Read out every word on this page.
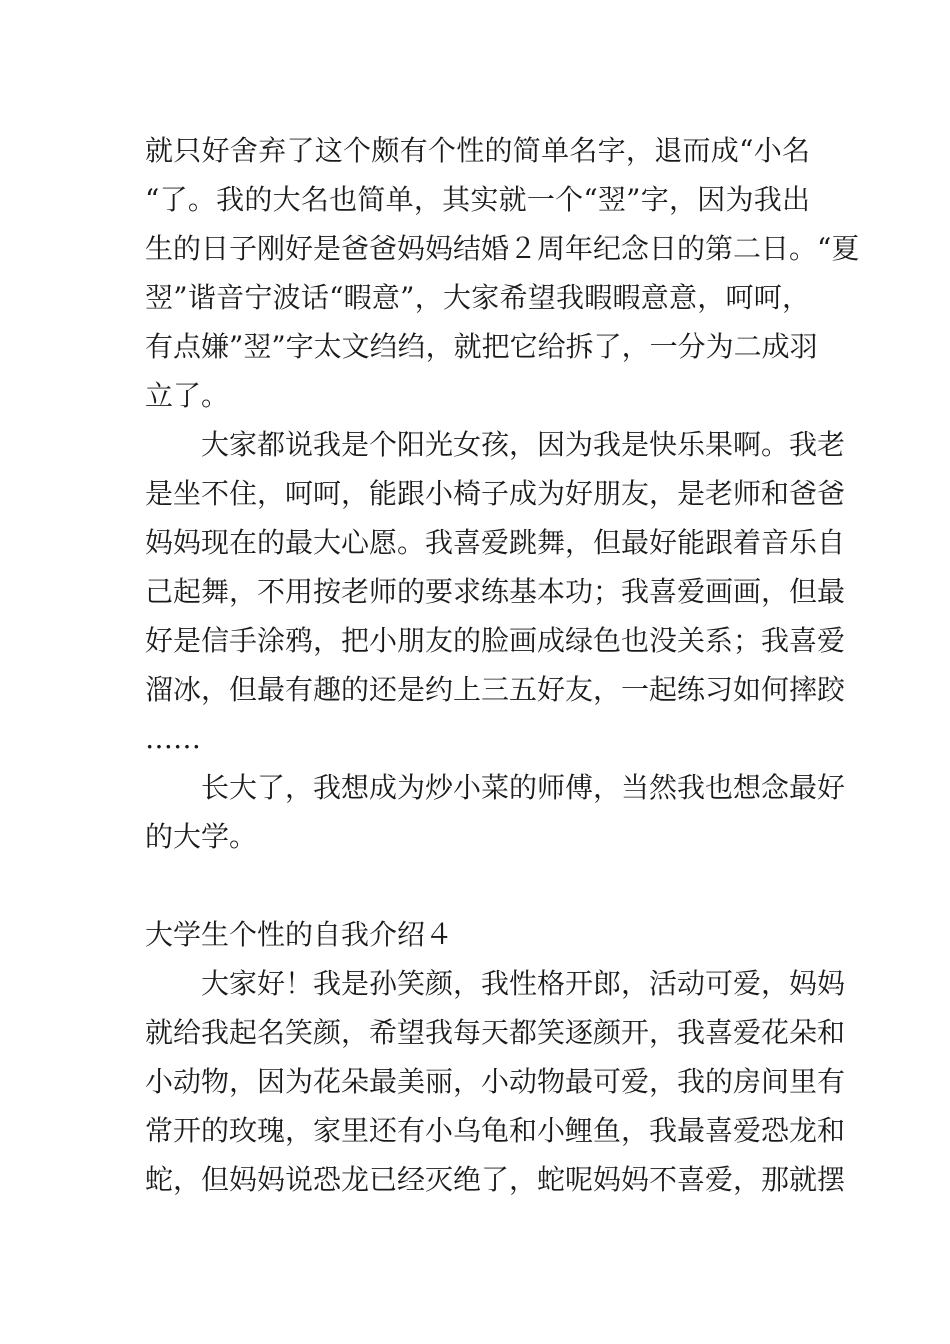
就只好舍弃了这个颇有个性的简单名字，退而成“小名
“了。我的大名也简单，其实就一个“翌”字，因为我出
生的日子刚好是爸爸妈妈结婚２周年纪念日的第二日。“夏
翌”谐音宁波话“暇意”，大家希望我暇暇意意，呵呵，
有点嫌”翌”字太文绉绉，就把它给拆了，一分为二成羽
立了。
大家都说我是个阳光女孩，因为我是快乐果啊。我老
是坐不住，呵呵，能跟小椅子成为好朋友，是老师和爸爸
妈妈现在的最大心愿。我喜爱跳舞，但最好能跟着音乐自
己起舞，不用按老师的要求练基本功；我喜爱画画，但最
好是信手涂鸦，把小朋友的脸画成绿色也没关系；我喜爱
溜冰，但最有趣的还是约上三五好友，一起练习如何摔跤
……
长大了，我想成为炒小菜的师傅，当然我也想念最好
的大学。
大学生个性的自我介绍４
大家好！我是孙笑颜，我性格开郎，活动可爱，妈妈
就给我起名笑颜，希望我每天都笑逐颜开，我喜爱花朵和
小动物，因为花朵最美丽，小动物最可爱，我的房间里有
常开的玫瑰，家里还有小乌龟和小鲤鱼，我最喜爱恐龙和
蛇，但妈妈说恐龙已经灭绝了，蛇呢妈妈不喜爱，那就摆
